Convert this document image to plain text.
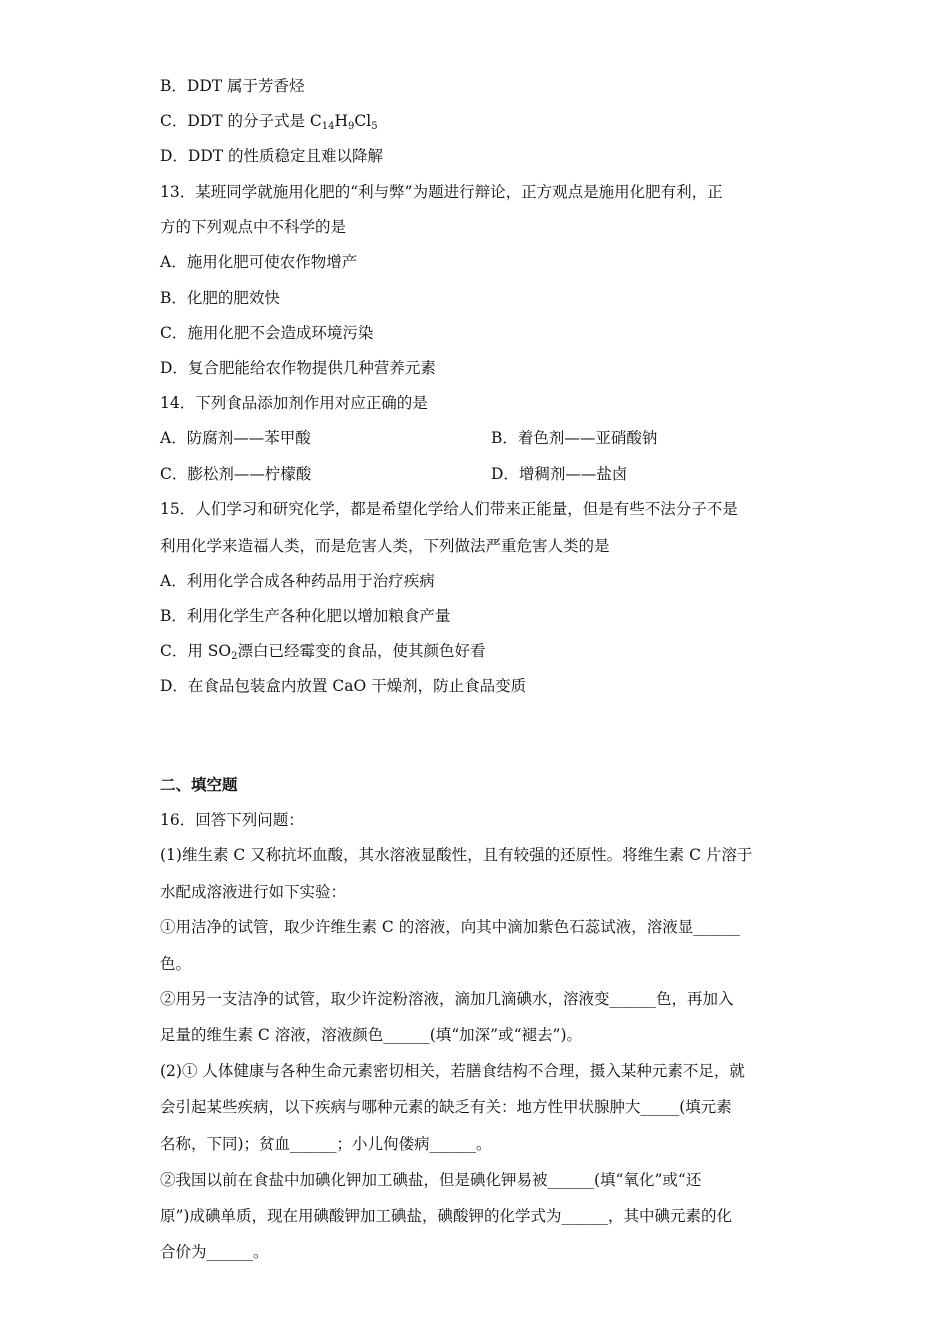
B．DDT 属于芳香烃
C．DDT 的分子式是 $C_{14}H_9Cl_5$
D．DDT 的性质稳定且难以降解
13．某班同学就施用化肥的“利与弊”为题进行辩论，正方观点是施用化肥有利，正
方的下列观点中不科学的是
A．施用化肥可使农作物增产
B．化肥的肥效快
C．施用化肥不会造成环境污染
D．复合肥能给农作物提供几种营养元素
14．下列食品添加剂作用对应正确的是
A．防腐剂——苯甲酸	B．着色剂——亚硝酸钠
C．膨松剂——柠檬酸	D．增稠剂——盐卤
15．人们学习和研究化学，都是希望化学给人们带来正能量，但是有些不法分子不是
利用化学来造福人类，而是危害人类，下列做法严重危害人类的是
A．利用化学合成各种药品用于治疗疾病
B．利用化学生产各种化肥以增加粮食产量
C．用 $SO_2$漂白已经霉变的食品，使其颜色好看
D．在食品包装盒内放置 CaO 干燥剂，防止食品变质
二、填空题
16．回答下列问题：
(1)维生素 C 又称抗坏血酸，其水溶液显酸性，且有较强的还原性。将维生素 C 片溶于
水配成溶液进行如下实验：
①用洁净的试管，取少许维生素 C 的溶液，向其中滴加紫色石蕊试液，溶液显______
色。
②用另一支洁净的试管，取少许淀粉溶液，滴加几滴碘水，溶液变______色，再加入
足量的维生素 C 溶液，溶液颜色______(填“加深”或“褪去”)。
(2)① 人体健康与各种生命元素密切相关，若膳食结构不合理，摄入某种元素不足，就
会引起某些疾病，以下疾病与哪种元素的缺乏有关：地方性甲状腺肿大_____(填元素
名称，下同)；贫血______；小儿佝偻病______。
②我国以前在食盐中加碘化钾加工碘盐，但是碘化钾易被______(填“氧化”或“还
原”)成碘单质，现在用碘酸钾加工碘盐，碘酸钾的化学式为______，其中碘元素的化
合价为______。
